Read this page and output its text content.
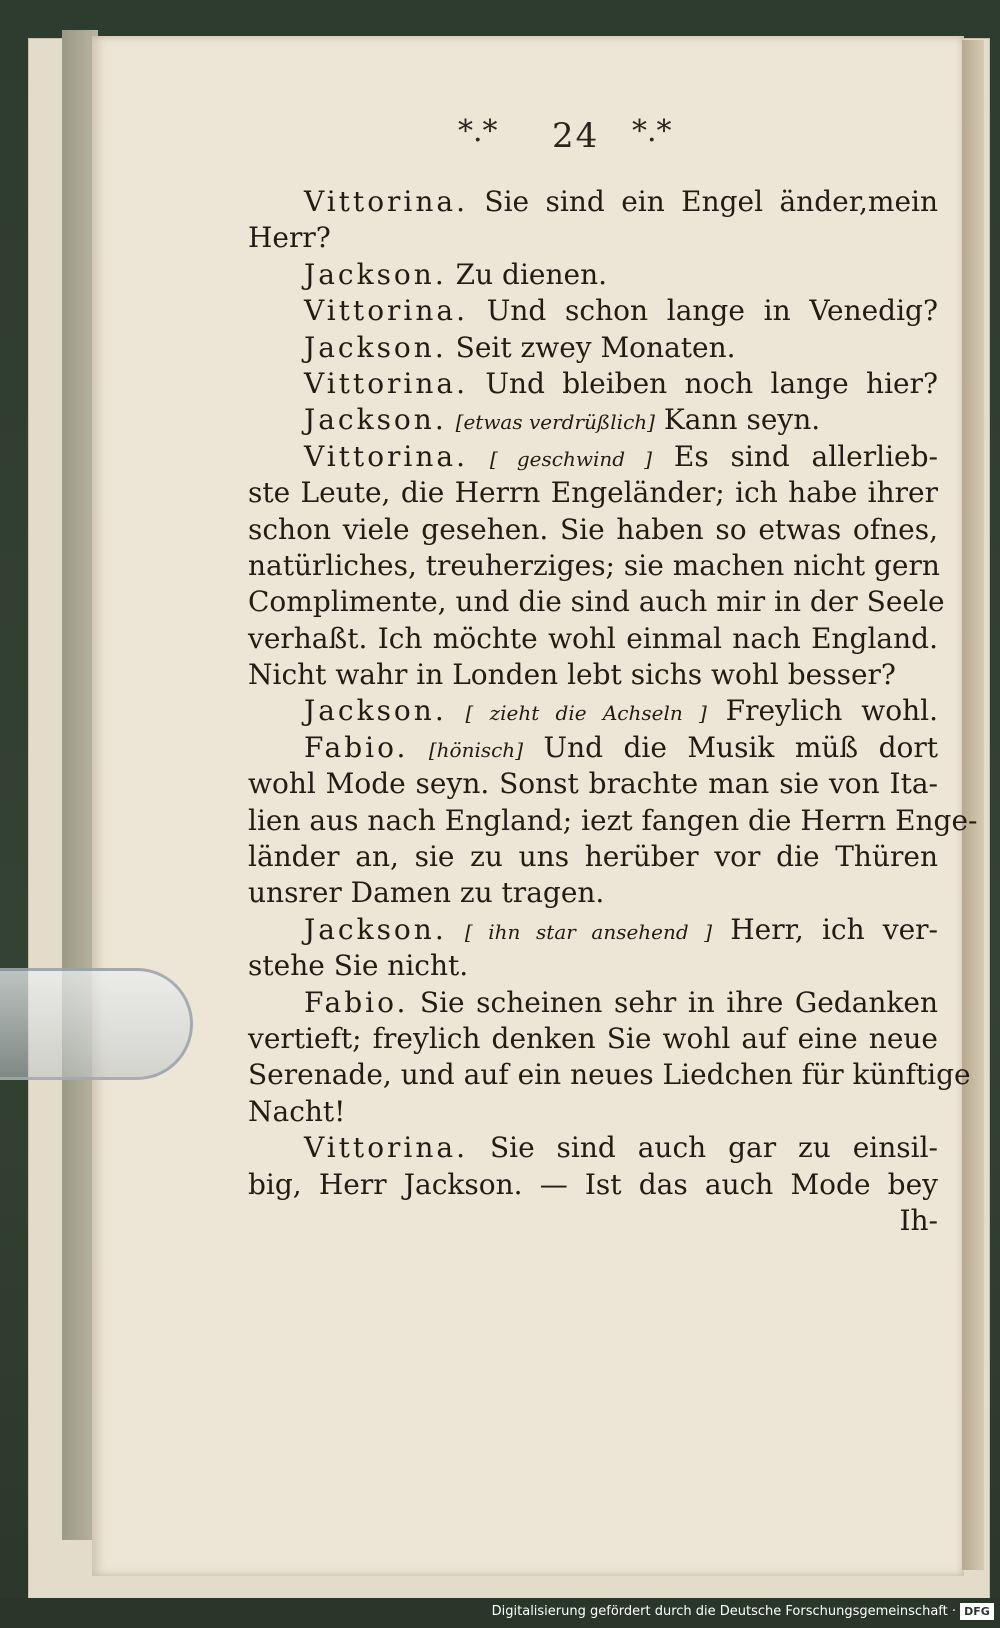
*.* 24 *.*
Vittorina. Sie sind ein Engel änder,mein
Herr?
Jackson. Zu dienen.
Vittorina. Und schon lange in Venedig?
Jackson. Seit zwey Monaten.
Vittorina. Und bleiben noch lange hier?
Jackson. [etwas verdrüßlich] Kann seyn.
Vittorina. [ geschwind ] Es sind allerlieb-
ste Leute, die Herrn Engeländer; ich habe ihrer
schon viele gesehen. Sie haben so etwas ofnes,
natürliches, treuherziges; sie machen nicht gern
Complimente, und die sind auch mir in der Seele
verhaßt. Ich möchte wohl einmal nach England.
Nicht wahr in Londen lebt sichs wohl besser?
Jackson. [ zieht die Achseln ] Freylich wohl.
Fabio. [hönisch] Und die Musik müß dort
wohl Mode seyn. Sonst brachte man sie von Ita-
lien aus nach England; iezt fangen die Herrn Enge-
länder an, sie zu uns herüber vor die Thüren
unsrer Damen zu tragen.
Jackson. [ ihn star ansehend ] Herr, ich ver-
stehe Sie nicht.
Fabio. Sie scheinen sehr in ihre Gedanken
vertieft; freylich denken Sie wohl auf eine neue
Serenade, und auf ein neues Liedchen für künftige
Nacht!
Vittorina. Sie sind auch gar zu einsil-
big, Herr Jackson. — Ist das auch Mode bey
Ih-
Digitalisierung gefördert durch die Deutsche Forschungsgemeinschaft · DFG
